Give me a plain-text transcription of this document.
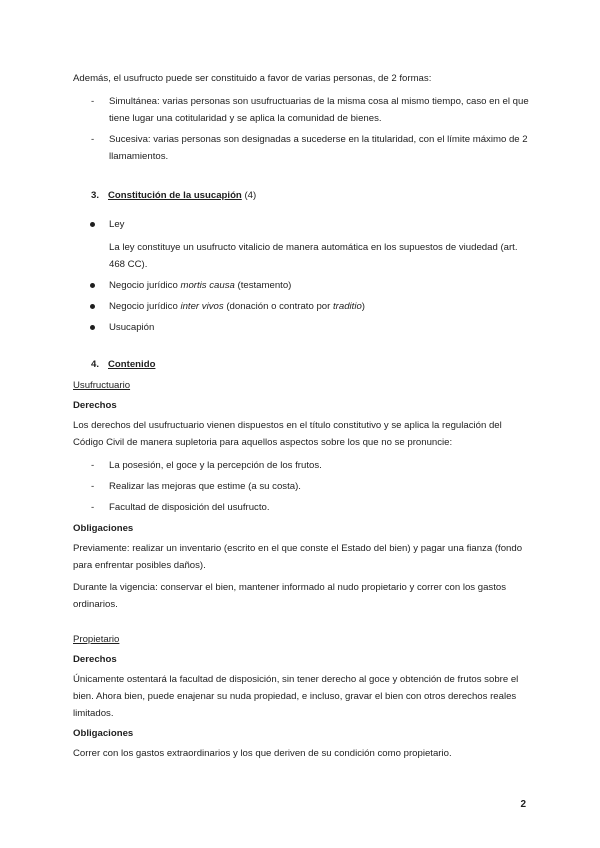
Además, el usufructo puede ser constituido a favor de varias personas, de 2 formas:

- Simultánea: varias personas son usufructuarias de la misma cosa al mismo tiempo, caso en el que tiene lugar una cotitularidad y se aplica la comunidad de bienes.
- Sucesiva: varias personas son designadas a sucederse en la titularidad, con el límite máximo de 2 llamamientos.
3. Constitución de la usucapión (4)
Ley

La ley constituye un usufructo vitalicio de manera automática en los supuestos de viudedad (art. 468 CC).

Negocio jurídico mortis causa (testamento)
Negocio jurídico inter vivos (donación o contrato por traditio)
Usucapión
4. Contenido

Usufructuario

Derechos

Los derechos del usufructuario vienen dispuestos en el título constitutivo y se aplica la regulación del Código Civil de manera supletoria para aquellos aspectos sobre los que no se pronuncie:

- La posesión, el goce y la percepción de los frutos.
- Realizar las mejoras que estime (a su costa).
- Facultad de disposición del usufructo.

Obligaciones

Previamente: realizar un inventario (escrito en el que conste el Estado del bien) y pagar una fianza (fondo para enfrentar posibles daños).

Durante la vigencia: conservar el bien, mantener informado al nudo propietario y correr con los gastos ordinarios.

Propietario

Derechos

Únicamente ostentará la facultad de disposición, sin tener derecho al goce y obtención de frutos sobre el bien. Ahora bien, puede enajenar su nuda propiedad, e incluso, gravar el bien con otros derechos reales limitados.

Obligaciones

Correr con los gastos extraordinarios y los que deriven de su condición como propietario.

2
